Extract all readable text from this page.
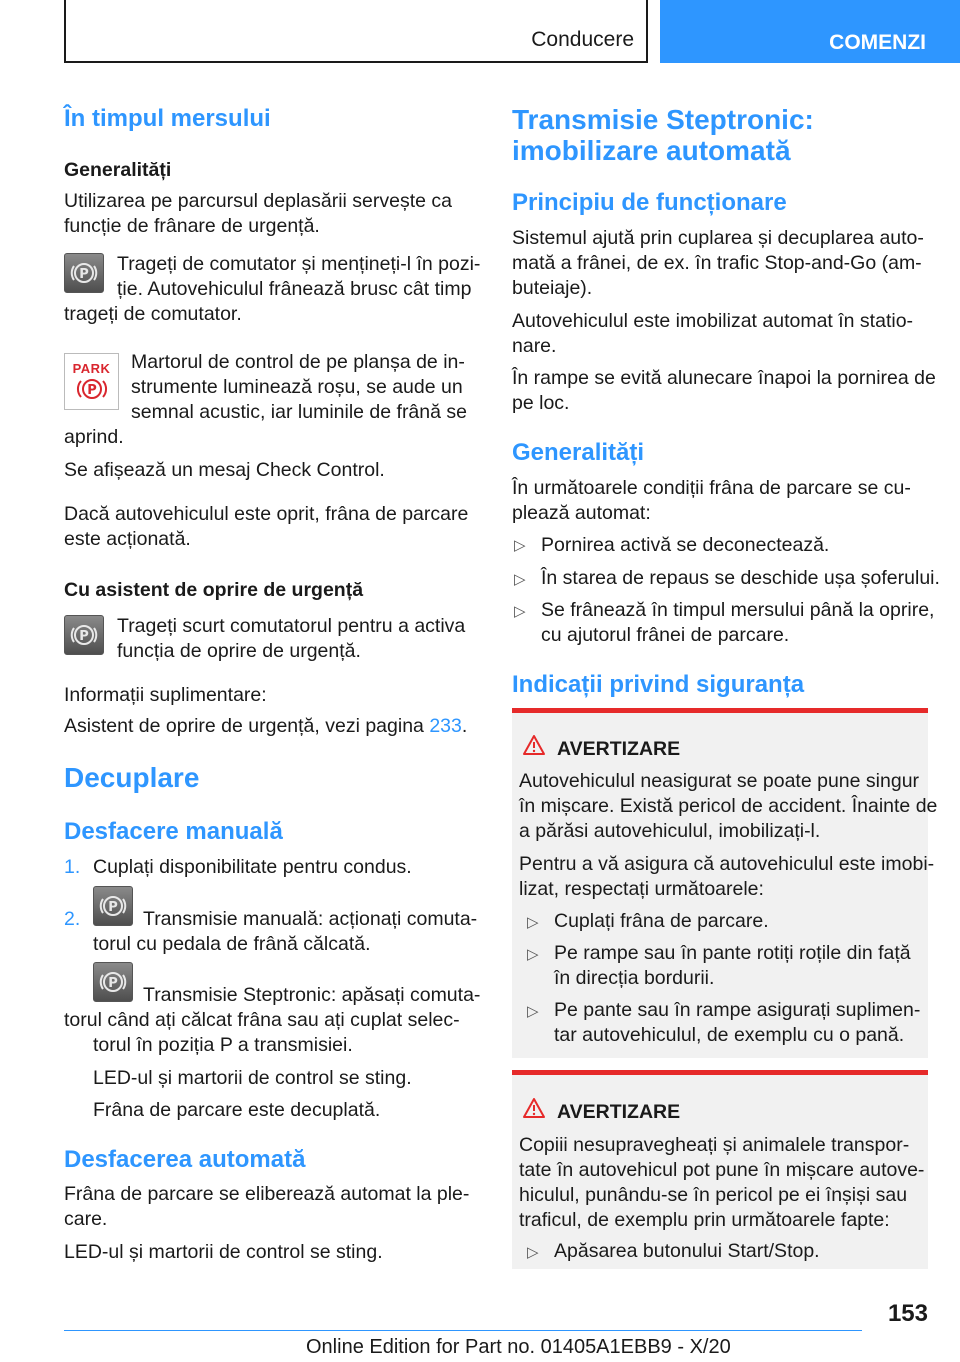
Conducere	COMENZI
În timpul mersului
Generalități
Utilizarea pe parcursul deplasării servește ca
funcție de frânare de urgență.
P Trageți de comutator și mențineți-l în pozi-
ție. Autovehiculul frânează brusc cât timp
trageți de comutator.
PARK
P
Martorul de control de pe planșa de in-
strumente luminează roșu, se aude un
semnal acustic, iar luminile de frână se
aprind.
Se afișează un mesaj Check Control.
Dacă autovehiculul este oprit, frâna de parcare
este acționată.
Cu asistent de oprire de urgență
P Trageți scurt comutatorul pentru a activa
funcția de oprire de urgență.
Informații suplimentare:
Asistent de oprire de urgență, vezi pagina 233.
Decuplare
Desfacere manuală
1. Cuplați disponibilitate pentru condus.
2.
P
Transmisie manuală: acționați comuta-
torul cu pedala de frână călcată.
P
Transmisie Steptronic: apăsați comuta-
torul când ați călcat frâna sau ați cuplat selec-
torul în poziția P a transmisiei.
LED-ul și martorii de control se sting.
Frâna de parcare este decuplată.
Desfacerea automată
Frâna de parcare se eliberează automat la ple-
care.
LED-ul și martorii de control se sting.
Transmisie Steptronic:
imobilizare automată
Principiu de funcționare
Sistemul ajută prin cuplarea și decuplarea auto-
mată a frânei, de ex. în trafic Stop-and-Go (am-
buteiaje).
Autovehiculul este imobilizat automat în statio-
nare.
În rampe se evită alunecare înapoi la pornirea de
pe loc.
Generalități
În următoarele condiții frâna de parcare se cu-
plează automat:
▷ Pornirea activă se deconectează.
▷ În starea de repaus se deschide ușa șoferului.
▷ Se frânează în timpul mersului până la oprire,
cu ajutorul frânei de parcare.
Indicații privind siguranța
AVERTIZARE
Autovehiculul neasigurat se poate pune singur
în mișcare. Există pericol de accident. Înainte de
a părăsi autovehiculul, imobilizați-l.
Pentru a vă asigura că autovehiculul este imobi-
lizat, respectați următoarele:
▷ Cuplați frâna de parcare.
▷ Pe rampe sau în pante rotiți roțile din față
în direcția bordurii.
▷ Pe pante sau în rampe asigurați suplimen-
tar autovehiculul, de exemplu cu o pană.
AVERTIZARE
Copiii nesupravegheați și animalele transpor-
tate în autovehicul pot pune în mișcare autove-
hiculul, punându-se în pericol pe ei înșiși sau
traficul, de exemplu prin următoarele fapte:
▷ Apăsarea butonului Start/Stop.
153
Online Edition for Part no. 01405A1EBB9 - X/20
